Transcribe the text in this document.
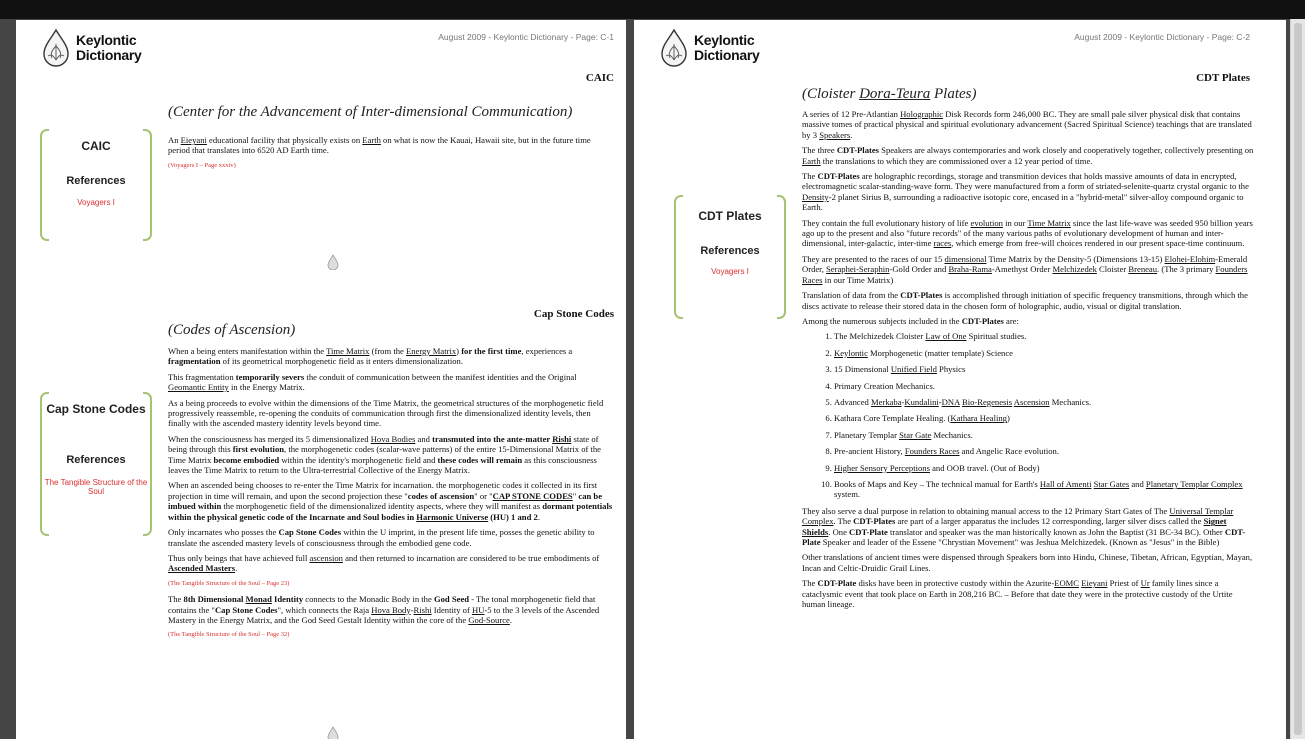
Keylontic
Dictionary
August 2009 - Keylontic Dictionary - Page: C-1
CAIC
(Center for the Advancement of Inter-dimensional Communication)
CAIC
References
Voyagers I

An Eieyani educational facility that physically exists on Earth on what is now the Kauai, Hawaii site, but in the future time period that translates into 6520 AD Earth time.

(Voyagers I – Page xxxiv)

Cap Stone Codes
(Codes of Ascension)
Cap Stone Codes
References
The Tangible Structure of the Soul

When a being enters manifestation within the Time Matrix (from the Energy Matrix) for the first time, experiences a fragmentation of its geometrical morphogenetic field as it enters dimensionalization.

This fragmentation temporarily severs the conduit of communication between the manifest identities and the Original Geomantic Entity in the Energy Matrix.

As a being proceeds to evolve within the dimensions of the Time Matrix, the geometrical structures of the morphogenetic field progressively reassemble, re-opening the conduits of communication through first the dimensionalized identity levels, then finally with the ascended mastery identity levels beyond time.

When the consciousness has merged its 5 dimensionalized Hova Bodies and transmuted into the ante-matter Rishi state of being through this first evolution, the morphogenetic codes (scalar-wave patterns) of the entire 15-Dimensional Matrix of the Time Matrix become embodied within the identity's morphogenetic field and these codes will remain as this consciousness leaves the Time Matrix to return to the Ultra-terrestrial Collective of the Energy Matrix.

When an ascended being chooses to re-enter the Time Matrix for incarnation. the morphogenetic codes it collected in its first projection in time will remain, and upon the second projection these "codes of ascension" or "CAP STONE CODES" can be imbued within the morphogenetic field of the dimensionalized identity aspects, where they will manifest as dormant potentials within the physical genetic code of the Incarnate and Soul bodies in Harmonic Universe (HU) 1 and 2.

Only incarnates who posses the Cap Stone Codes within the U imprint, in the present life time, posses the genetic ability to translate the ascended mastery levels of consciousness through the embodied gene code.

Thus only beings that have achieved full ascension and then returned to incarnation are considered to be true embodiments of Ascended Masters.

(The Tangible Structure of the Soul – Page 23)

The 8th Dimensional Monad Identity connects to the Monadic Body in the God Seed - The tonal morphogenetic field that contains the "Cap Stone Codes", which connects the Raja Hova Body-Rishi Identity of HU-5 to the 3 levels of the Ascended Mastery in the Energy Matrix, and the God Seed Gestalt Identity within the core of the God-Source.

(The Tangible Structure of the Soul – Page 32)

Keylontic
Dictionary
August 2009 - Keylontic Dictionary - Page: C-2
CDT Plates
(Cloister Dora-Teura Plates)
CDT Plates
References
Voyagers I

A series of 12 Pre-Atlantian Holographic Disk Records form 246,000 BC. They are small pale silver physical disk that contains massive tomes of practical physical and spiritual evolutionary advancement (Sacred Spiritual Science) teachings that are translated by 3 Speakers.

The three CDT-Plates Speakers are always contemporaries and work closely and cooperatively together, collectively presenting on Earth the translations to which they are commissioned over a 12 year period of time.

The CDT-Plates are holographic recordings, storage and transmition devices that holds massive amounts of data in encrypted, electromagnetic scalar-standing-wave form. They were manufactured from a form of striated-selenite-quartz crystal organic to the Density-2 planet Sirius B, surrounding a radioactive isotopic core, encased in a "hybrid-metal" silver-alloy compound organic to Earth.

They contain the full evolutionary history of life evolution in our Time Matrix since the last life-wave was seeded 950 billion years ago up to the present and also "future records" of the many various paths of evolutionary development of human and inter-dimensional, inter-galactic, inter-time races, which emerge from free-will choices rendered in our present space-time continuum.

They are presented to the races of our 15 dimensional Time Matrix by the Density-5 (Dimensions 13-15) Elohei-Elohim-Emerald Order, Seraphei-Seraphin-Gold Order and Braha-Rama-Amethyst Order Melchizedek Cloister Breneau. (The 3 primary Founders Races in our Time Matrix)

Translation of data from the CDT-Plates is accomplished through initiation of specific frequency transmitions, through which the discs activate to release their stored data in the chosen form of holographic, audio, visual or digital translation.

Among the numerous subjects included in the CDT-Plates are:

1. The Melchizedek Cloister Law of One Spiritual studies.
2. Keylontic Morphogenetic (matter template) Science
3. 15 Dimensional Unified Field Physics
4. Primary Creation Mechanics.
5. Advanced Merkaba-Kundalini-DNA Bio-Regenesis Ascension Mechanics.
6. Kathara Core Template Healing. (Kathara Healing)
7. Planetary Templar Star Gate Mechanics.
8. Pre-ancient History, Founders Races and Angelic Race evolution.
9. Higher Sensory Perceptions and OOB travel. (Out of Body)
10. Books of Maps and Key – The technical manual for Earth's Hall of Amenti Star Gates and Planetary Templar Complex system.

They also serve a dual purpose in relation to obtaining manual access to the 12 Primary Start Gates of The Universal Templar Complex. The CDT-Plates are part of a larger apparatus the includes 12 corresponding, larger silver discs called the Signet Shields. One CDT-Plate translator and speaker was the man historically known as John the Baptist (31 BC-34 BC). Other CDT-Plate Speaker and leader of the Essene "Chrystian Movement" was Jeshua Melchizedek. (Known as "Jesus" in the Bible)

Other translations of ancient times were dispensed through Speakers born into Hindu, Chinese, Tibetan, African, Egyptian, Mayan, Incan and Celtic-Druidic Grail Lines.

The CDT-Plate disks have been in protective custody within the Azurite-EOMC Eieyani Priest of Ur family lines since a cataclysmic event that took place on Earth in 208,216 BC. – Before that date they were in the protective custody of the Urtite human lineage.
